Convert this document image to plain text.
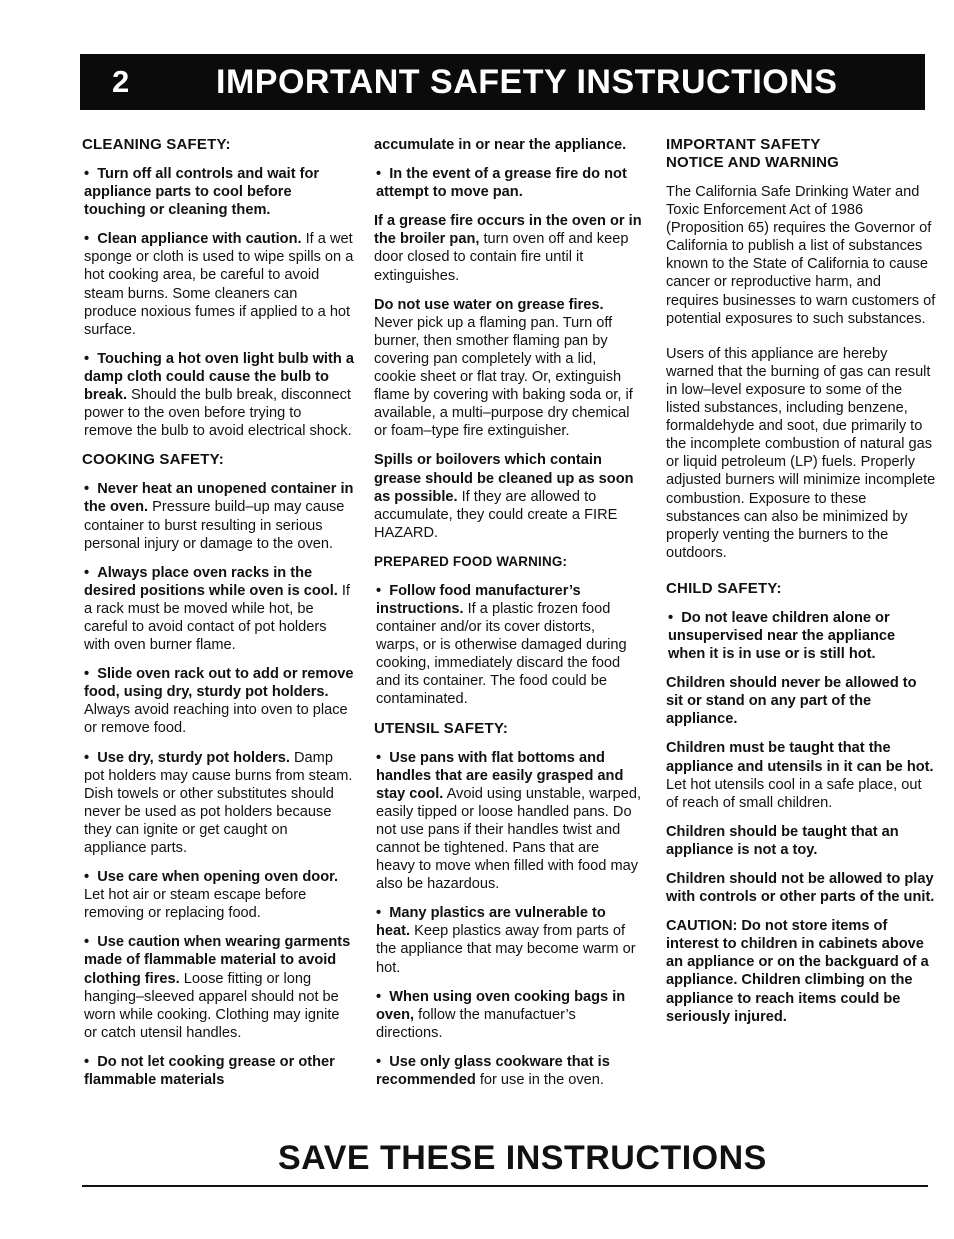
2	IMPORTANT SAFETY INSTRUCTIONS

CLEANING SAFETY:

•  Turn off all controls and wait for appliance parts to cool before touching or cleaning them.

•  Clean appliance with caution. If a wet sponge or cloth is used to wipe spills on a hot cooking area, be careful to avoid steam burns. Some cleaners can produce noxious fumes if applied to a hot surface.

•  Touching a hot oven light bulb with a damp cloth could cause the bulb to break. Should the bulb break, disconnect power to the oven before trying to remove the bulb to avoid electrical shock.

COOKING SAFETY:

•  Never heat an unopened container in the oven. Pressure build–up may cause container to burst resulting in serious personal injury or damage to the oven.

•  Always place oven racks in the desired positions while oven is cool. If a rack must be moved while hot, be careful to avoid contact of pot holders with oven burner flame.

•  Slide oven rack out to add or remove food, using dry, sturdy pot holders. Always avoid reaching into oven to place or remove food.

•  Use dry, sturdy pot holders. Damp pot holders may cause burns from steam. Dish towels or other substitutes should never be used as pot holders because they can ignite or get caught on appliance parts.

•  Use care when opening oven door. Let hot air or steam escape before removing or replacing food.

•  Use caution when wearing garments made of flammable material to avoid clothing fires. Loose fitting or long hanging–sleeved apparel should not be worn while cooking. Clothing may ignite or catch utensil handles.

•  Do not let cooking grease or other flammable materials

accumulate in or near the appliance.

•  In the event of a grease fire do not attempt to move pan.

If a grease fire occurs in the oven or in the broiler pan, turn oven off and keep door closed to contain fire until it extinguishes.

Do not use water on grease fires. Never pick up a flaming pan. Turn off burner, then smother flaming pan by covering pan completely with a lid, cookie sheet or flat tray. Or, extinguish flame by covering with baking soda or, if available, a multi–purpose dry chemical or foam–type fire extinguisher.

Spills or boilovers which contain grease should be cleaned up as soon as possible. If they are allowed to accumulate, they could create a FIRE HAZARD.

PREPARED FOOD WARNING:

•  Follow food manufacturer’s instructions. If a plastic frozen food container and/or its cover distorts, warps, or is otherwise damaged during cooking, immediately discard the food and its container. The food could be contaminated.

UTENSIL SAFETY:

•  Use pans with flat bottoms and handles that are easily grasped and stay cool. Avoid using unstable, warped, easily tipped or loose handled pans. Do not use pans if their handles twist and cannot be tightened. Pans that are heavy to move when filled with food may also be hazardous.

•  Many plastics are vulnerable to heat. Keep plastics away from parts of the appliance that may become warm or hot.

•  When using oven cooking bags in oven, follow the manufactuer’s directions.

•  Use only glass cookware that is recommended for use in the oven.

IMPORTANT SAFETY NOTICE AND WARNING

The California Safe Drinking Water and Toxic Enforcement Act of 1986 (Proposition 65) requires the Governor of California to publish a list of substances known to the State of California to cause cancer or reproductive harm, and requires businesses to warn customers of potential exposures to such substances.

Users of this appliance are hereby warned that the burning of gas can result in low–level exposure to some of the listed substances, including benzene, formaldehyde and soot, due primarily to the incomplete combustion of natural gas or liquid petroleum (LP) fuels. Properly adjusted burners will minimize incomplete combustion. Exposure to these substances can also be minimized by properly venting the burners to the outdoors.

CHILD SAFETY:

•  Do not leave children alone or unsupervised near the appliance when it is in use or is still hot.

Children should never be allowed to sit or stand on any part of the appliance.

Children must be taught that the appliance and utensils in it can be hot. Let hot utensils cool in a safe place, out of reach of small children.

Children should be taught that an appliance is not a toy.

Children should not be allowed to play with controls or other parts of the unit.

CAUTION: Do not store items of interest to children in cabinets above an appliance or on the backguard of a appliance. Children climbing on the appliance to reach items could be seriously injured.

SAVE THESE INSTRUCTIONS
